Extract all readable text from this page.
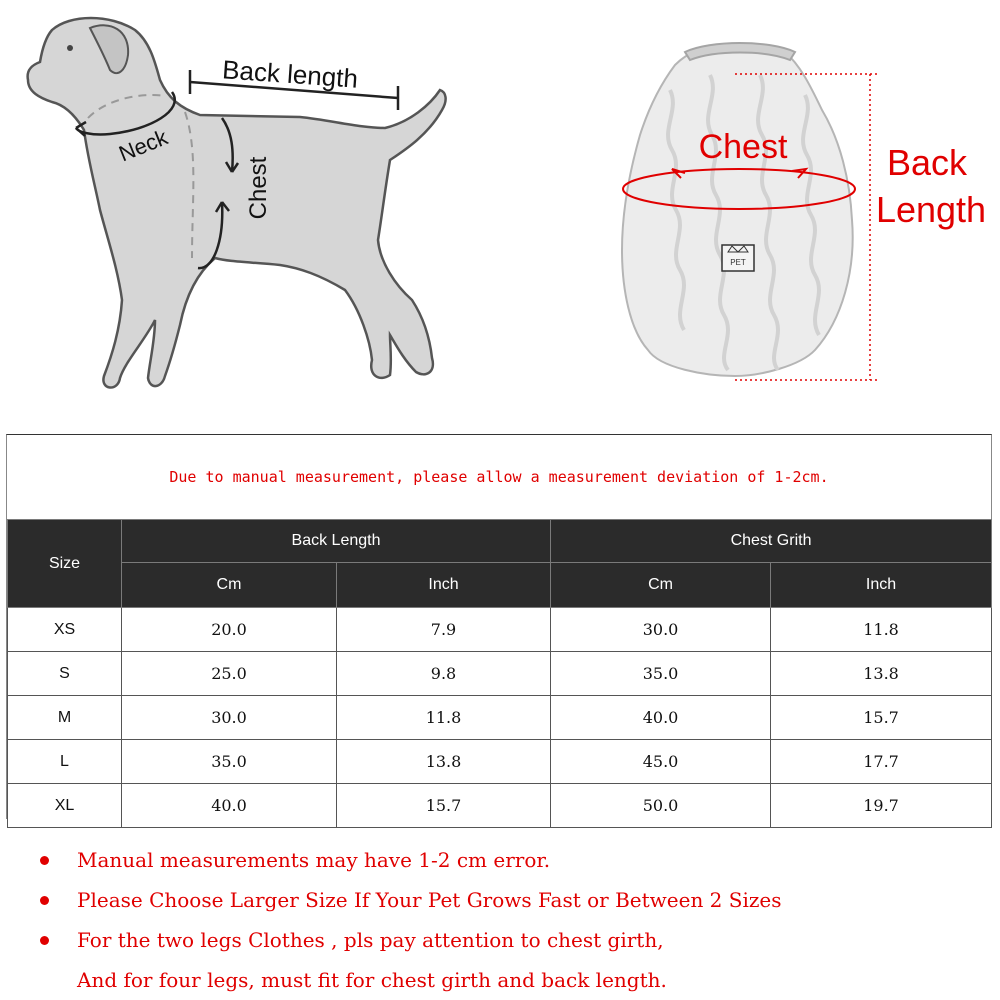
Back length
Neck
Chest
PET
Chest	Back
Length
Due to manual measurement, please allow a measurement deviation of 1-2cm.
Size	Back Length		Chest Grith	
	Cm	Inch	Cm	Inch
XS	20.0	7.9	30.0	11.8
S	25.0	9.8	35.0	13.8
M	30.0	11.8	40.0	15.7
L	35.0	13.8	45.0	17.7
XL	40.0	15.7	50.0	19.7
Manual measurements may have 1-2 cm error.
Please Choose Larger Size If Your Pet Grows Fast or Between 2 Sizes
For the two legs Clothes , pls pay attention to chest girth,
And for four legs, must fit for chest girth and back length.
